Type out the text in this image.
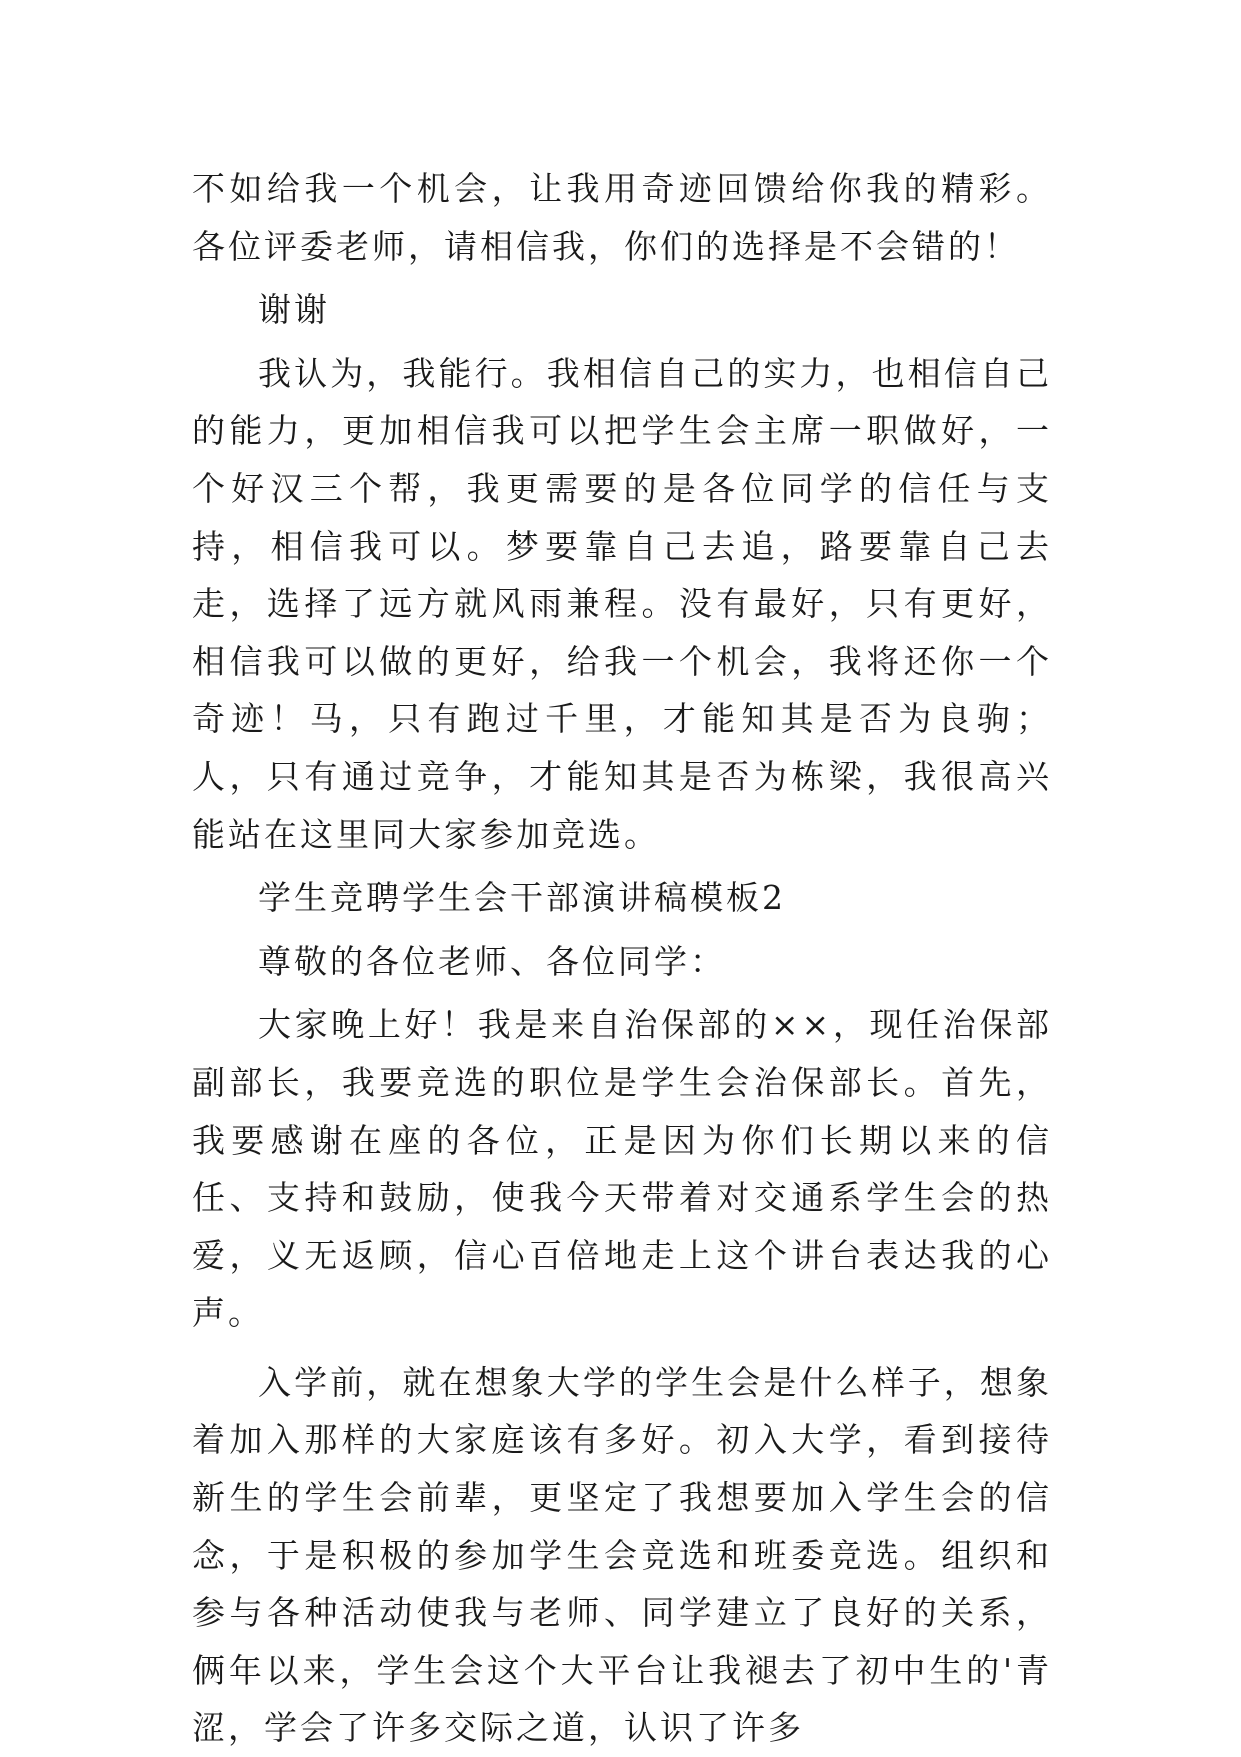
不如给我一个机会，让我用奇迹回馈给你我的精彩。各位评委老师，请相信我，你们的选择是不会错的！

谢谢

我认为，我能行。我相信自己的实力，也相信自己的能力，更加相信我可以把学生会主席一职做好，一个好汉三个帮，我更需要的是各位同学的信任与支持，相信我可以。梦要靠自己去追，路要靠自己去走，选择了远方就风雨兼程。没有最好，只有更好，相信我可以做的更好，给我一个机会，我将还你一个奇迹！马，只有跑过千里，才能知其是否为良驹；人，只有通过竞争，才能知其是否为栋梁，我很高兴能站在这里同大家参加竞选。

学生竞聘学生会干部演讲稿模板2

尊敬的各位老师、各位同学：

大家晚上好！我是来自治保部的××，现任治保部副部长，我要竞选的职位是学生会治保部长。首先，我要感谢在座的各位，正是因为你们长期以来的信任、支持和鼓励，使我今天带着对交通系学生会的热爱，义无返顾，信心百倍地走上这个讲台表达我的心声。

入学前，就在想象大学的学生会是什么样子，想象着加入那样的大家庭该有多好。初入大学，看到接待新生的学生会前辈，更坚定了我想要加入学生会的信念，于是积极的参加学生会竞选和班委竞选。组织和参与各种活动使我与老师、同学建立了良好的关系，俩年以来，学生会这个大平台让我褪去了初中生的'青涩，学会了许多交际之道，认识了许多
